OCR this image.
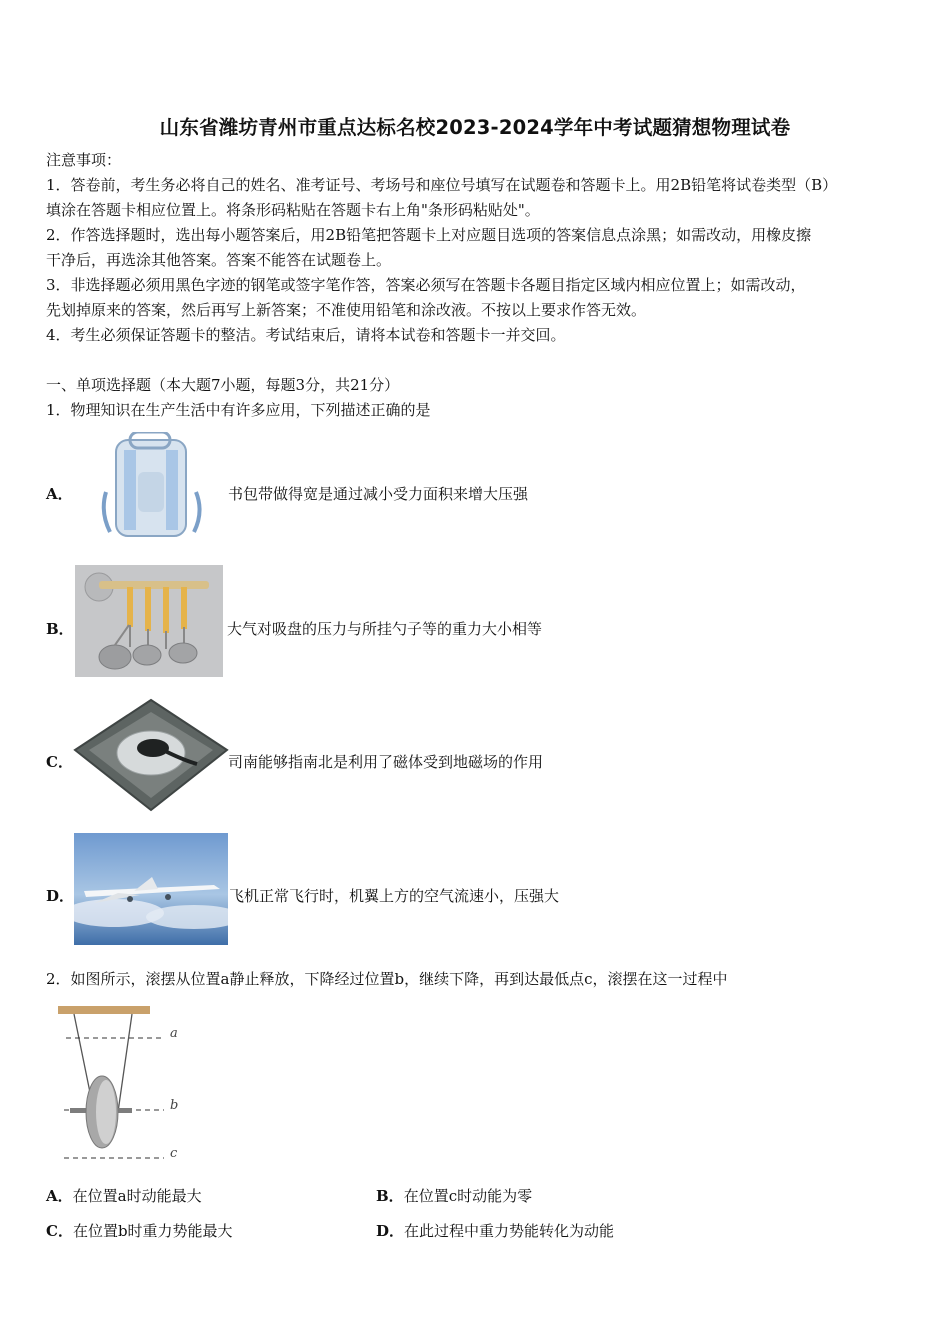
山东省潍坊青州市重点达标名校2023-2024学年中考试题猜想物理试卷
注意事项：
1．答卷前，考生务必将自己的姓名、准考证号、考场号和座位号填写在试题卷和答题卡上。用2B铅笔将试卷类型（B）
填涂在答题卡相应位置上。将条形码粘贴在答题卡右上角"条形码粘贴处"。
2．作答选择题时，选出每小题答案后，用2B铅笔把答题卡上对应题目选项的答案信息点涂黑；如需改动，用橡皮擦
干净后，再选涂其他答案。答案不能答在试题卷上。
3．非选择题必须用黑色字迹的钢笔或签字笔作答，答案必须写在答题卡各题目指定区域内相应位置上；如需改动，
先划掉原来的答案，然后再写上新答案；不准使用铅笔和涂改液。不按以上要求作答无效。
4．考生必须保证答题卡的整洁。考试结束后，请将本试卷和答题卡一并交回。
一、单项选择题（本大题7小题，每题3分，共21分）
1．物理知识在生产生活中有许多应用，下列描述正确的是
A．	书包带做得宽是通过减小受力面积来增大压强
B．	大气对吸盘的压力与所挂勺子等的重力大小相等
C．	司南能够指南北是利用了磁体受到地磁场的作用
D．	飞机正常飞行时，机翼上方的空气流速小，压强大
2．如图所示，滚摆从位置a静止释放，下降经过位置b，继续下降，再到达最低点c，滚摆在这一过程中
a
b
c
A．在位置a时动能最大	B．在位置c时动能为零
C．在位置b时重力势能最大	D．在此过程中重力势能转化为动能
